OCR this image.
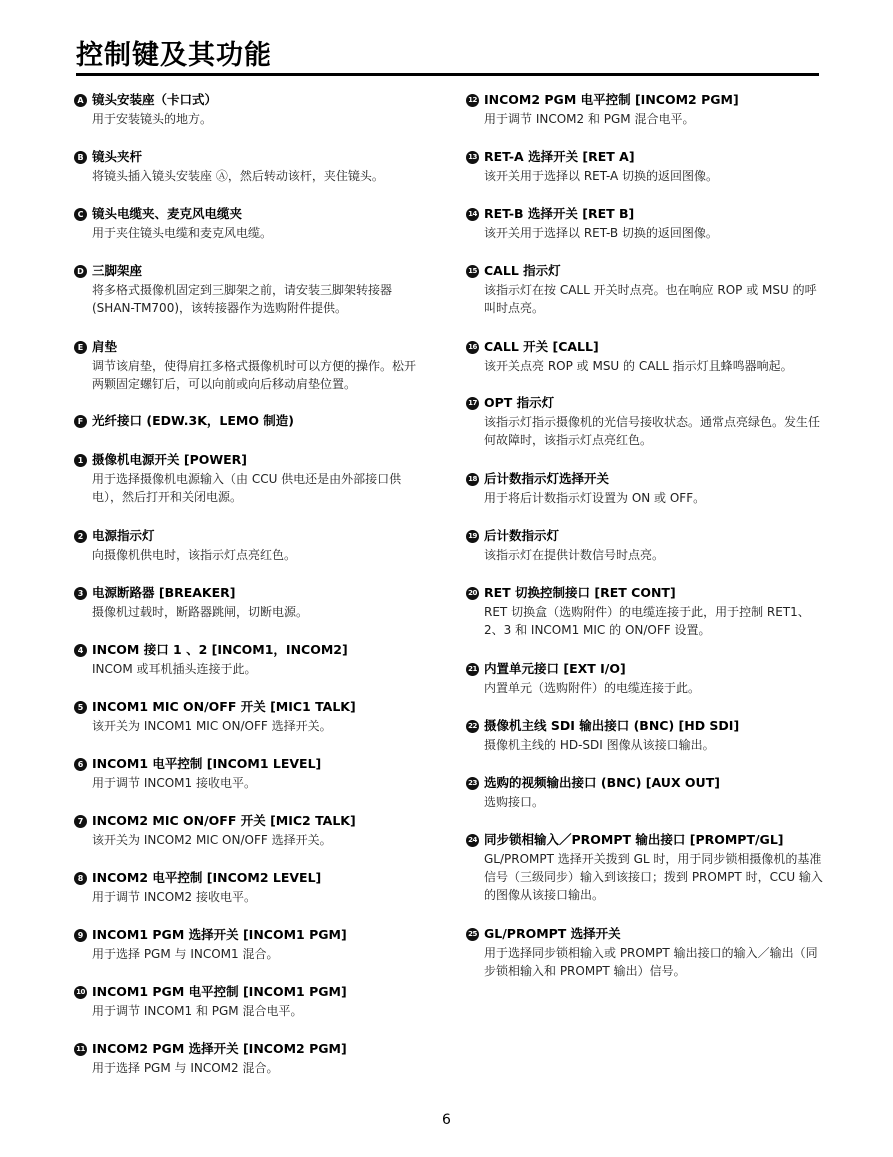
控制键及其功能
A 镜头安装座（卡口式）
用于安装镜头的地方。
B 镜头夹杆
将镜头插入镜头安装座 Ⓐ，然后转动该杆，夹住镜头。
C 镜头电缆夹、麦克风电缆夹
用于夹住镜头电缆和麦克风电缆。
D 三脚架座
将多格式摄像机固定到三脚架之前，请安装三脚架转接器 (SHAN-TM700)，该转接器作为选购附件提供。
E 肩垫
调节该肩垫，使得肩扛多格式摄像机时可以方便的操作。松开两颗固定螺钉后，可以向前或向后移动肩垫位置。
F 光纤接口 (EDW.3K，LEMO 制造)
1 摄像机电源开关 [POWER]
用于选择摄像机电源输入（由 CCU 供电还是由外部接口供电），然后打开和关闭电源。
2 电源指示灯
向摄像机供电时，该指示灯点亮红色。
3 电源断路器 [BREAKER]
摄像机过载时，断路器跳闸，切断电源。
4 INCOM 接口 1 、2 [INCOM1，INCOM2]
INCOM 或耳机插头连接于此。
5 INCOM1 MIC ON/OFF 开关 [MIC1 TALK]
该开关为 INCOM1 MIC ON/OFF 选择开关。
6 INCOM1 电平控制 [INCOM1 LEVEL]
用于调节 INCOM1 接收电平。
7 INCOM2 MIC ON/OFF 开关 [MIC2 TALK]
该开关为 INCOM2 MIC ON/OFF 选择开关。
8 INCOM2 电平控制 [INCOM2 LEVEL]
用于调节 INCOM2 接收电平。
9 INCOM1 PGM 选择开关 [INCOM1 PGM]
用于选择 PGM 与 INCOM1 混合。
10 INCOM1 PGM 电平控制 [INCOM1 PGM]
用于调节 INCOM1 和 PGM 混合电平。
11 INCOM2 PGM 选择开关 [INCOM2 PGM]
用于选择 PGM 与 INCOM2 混合。
12 INCOM2 PGM 电平控制 [INCOM2 PGM]
用于调节 INCOM2 和 PGM 混合电平。
13 RET-A 选择开关 [RET A]
该开关用于选择以 RET-A 切换的返回图像。
14 RET-B 选择开关 [RET B]
该开关用于选择以 RET-B 切换的返回图像。
15 CALL 指示灯
该指示灯在按 CALL 开关时点亮。也在响应 ROP 或 MSU 的呼叫时点亮。
16 CALL 开关 [CALL]
该开关点亮 ROP 或 MSU 的 CALL 指示灯且蜂鸣器响起。
17 OPT 指示灯
该指示灯指示摄像机的光信号接收状态。通常点亮绿色。发生任何故障时，该指示灯点亮红色。
18 后计数指示灯选择开关
用于将后计数指示灯设置为 ON 或 OFF。
19 后计数指示灯
该指示灯在提供计数信号时点亮。
20 RET 切换控制接口 [RET CONT]
RET 切换盒（选购附件）的电缆连接于此，用于控制 RET1、2、3 和 INCOM1 MIC 的 ON/OFF 设置。
21 内置单元接口 [EXT I/O]
内置单元（选购附件）的电缆连接于此。
22 摄像机主线 SDI 输出接口 (BNC) [HD SDI]
摄像机主线的 HD-SDI 图像从该接口输出。
23 选购的视频输出接口 (BNC) [AUX OUT]
选购接口。
24 同步锁相输入／PROMPT 输出接口 [PROMPT/GL]
GL/PROMPT 选择开关拨到 GL 时，用于同步锁相摄像机的基准信号（三级同步）输入到该接口；拨到 PROMPT 时，CCU 输入的图像从该接口输出。
25 GL/PROMPT 选择开关
用于选择同步锁相输入或 PROMPT 输出接口的输入／输出（同步锁相输入和 PROMPT 输出）信号。
6
